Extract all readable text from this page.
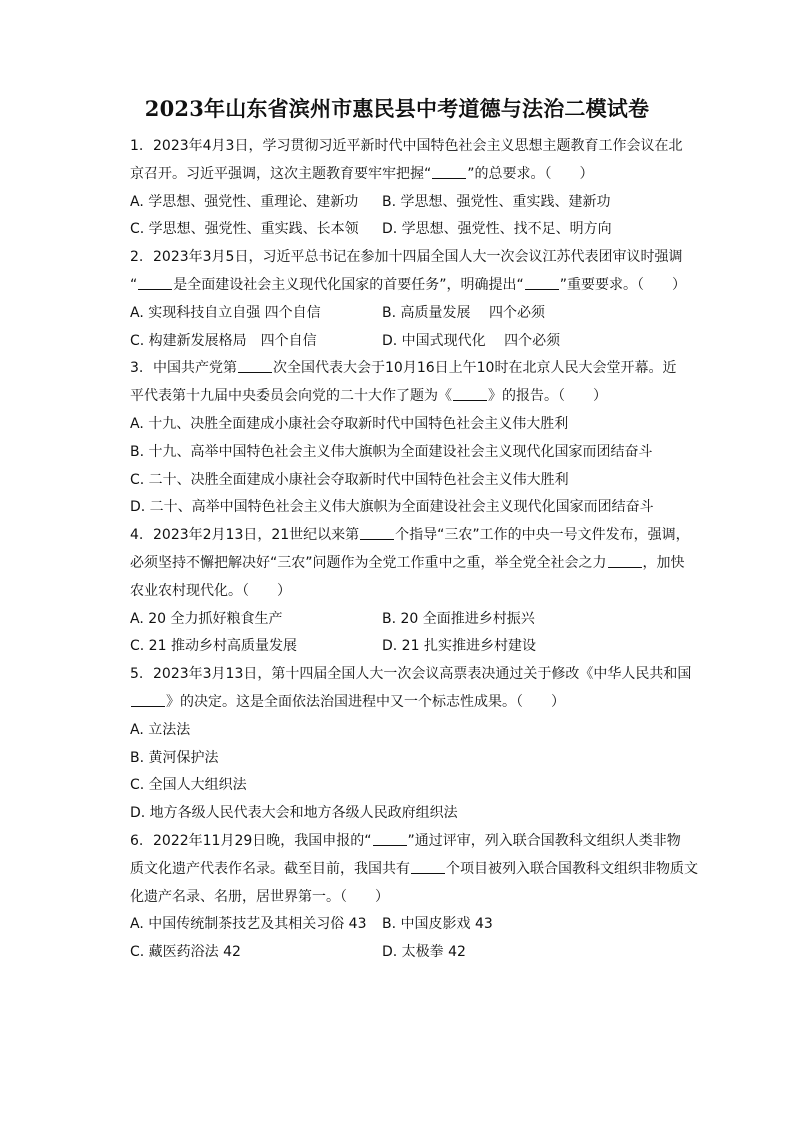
2023年山东省滨州市惠民县中考道德与法治二模试卷
1. 2023年4月3日，学习贯彻习近平新时代中国特色社会主义思想主题教育工作会议在北
京召开。习近平强调，这次主题教育要牢牢把握“	”的总要求。（　　）
A. 学思想、强党性、重理论、建新功	B. 学思想、强党性、重实践、建新功
C. 学思想、强党性、重实践、长本领	D. 学思想、强党性、找不足、明方向
2. 2023年3月5日，习近平总书记在参加十四届全国人大一次会议江苏代表团审议时强调
“	是全面建设社会主义现代化国家的首要任务”，明确提出“	”重要要求。（　　）
A. 实现科技自立自强 四个自信	B. 高质量发展　 四个必须
C. 构建新发展格局　四个自信	D. 中国式现代化　 四个必须
3. 中国共产党第	次全国代表大会于10月16日上午10时在北京人民大会堂开幕。近
平代表第十九届中央委员会向党的二十大作了题为《	》的报告。（　　）
A. 十九、决胜全面建成小康社会夺取新时代中国特色社会主义伟大胜利
B. 十九、高举中国特色社会主义伟大旗帜为全面建设社会主义现代化国家而团结奋斗
C. 二十、决胜全面建成小康社会夺取新时代中国特色社会主义伟大胜利
D. 二十、高举中国特色社会主义伟大旗帜为全面建设社会主义现代化国家而团结奋斗
4. 2023年2月13日，21世纪以来第	个指导“三农”工作的中央一号文件发布，强调，
必须坚持不懈把解决好“三农”问题作为全党工作重中之重，举全党全社会之力	，加快
农业农村现代化。（　　）
A. 20 全力抓好粮食生产	B. 20 全面推进乡村振兴
C. 21 推动乡村高质量发展	D. 21 扎实推进乡村建设
5. 2023年3月13日，第十四届全国人大一次会议高票表决通过关于修改《中华人民共和国
》的决定。这是全面依法治国进程中又一个标志性成果。（　　）
A. 立法法
B. 黄河保护法
C. 全国人大组织法
D. 地方各级人民代表大会和地方各级人民政府组织法
6. 2022年11月29日晚，我国申报的“	”通过评审，列入联合国教科文组织人类非物
质文化遗产代表作名录。截至目前，我国共有	个项目被列入联合国教科文组织非物质文
化遗产名录、名册，居世界第一。（　　）
A. 中国传统制茶技艺及其相关习俗 43	B. 中国皮影戏 43
C. 藏医药浴法 42	D. 太极拳 42
